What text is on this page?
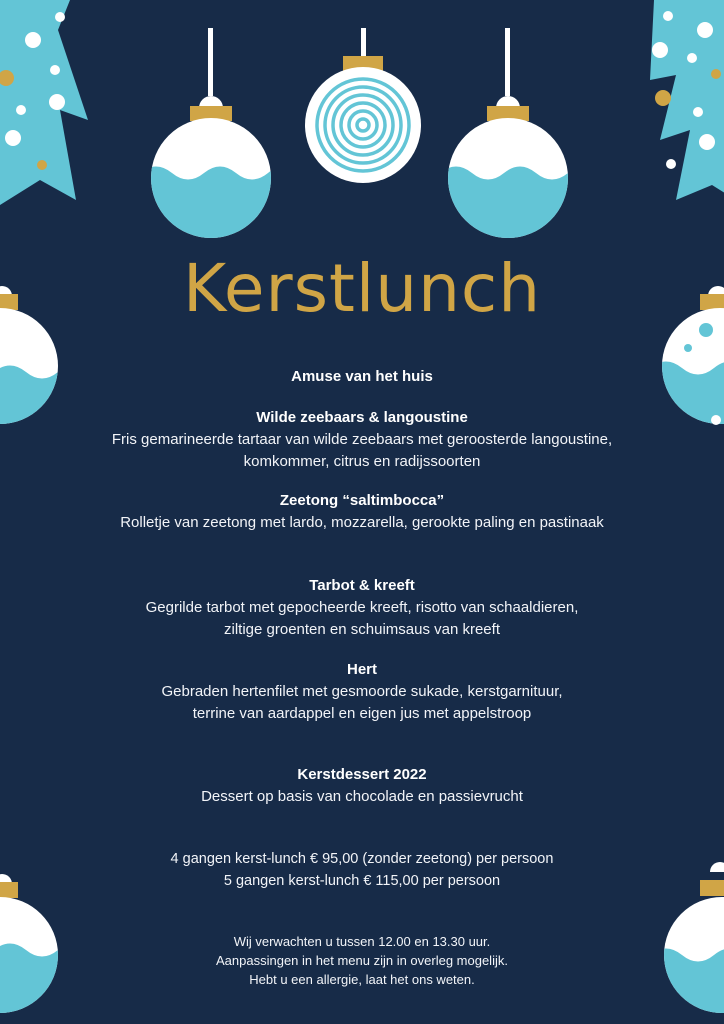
Kerstlunch
Amuse van het huis
Wilde zeebaars & langoustine
Fris gemarineerde tartaar van wilde zeebaars met geroosterde langoustine,
komkommer, citrus en radijssoorten
Zeetong “saltimbocca”
Rolletje van zeetong met lardo, mozzarella, gerookte paling en pastinaak
Tarbot & kreeft
Gegrilde tarbot met gepocheerde kreeft, risotto van schaaldieren,
ziltige groenten en schuimsaus van kreeft
Hert
Gebraden hertenfilet met gesmoorde sukade, kerstgarnituur,
terrine van aardappel en eigen jus met appelstroop
Kerstdessert 2022
Dessert op basis van chocolade en passievrucht
4 gangen kerst-lunch € 95,00 (zonder zeetong) per persoon
5 gangen kerst-lunch € 115,00 per persoon
Wij verwachten u tussen 12.00 en 13.30 uur.
Aanpassingen in het menu zijn in overleg mogelijk.
Hebt u een allergie, laat het ons weten.
